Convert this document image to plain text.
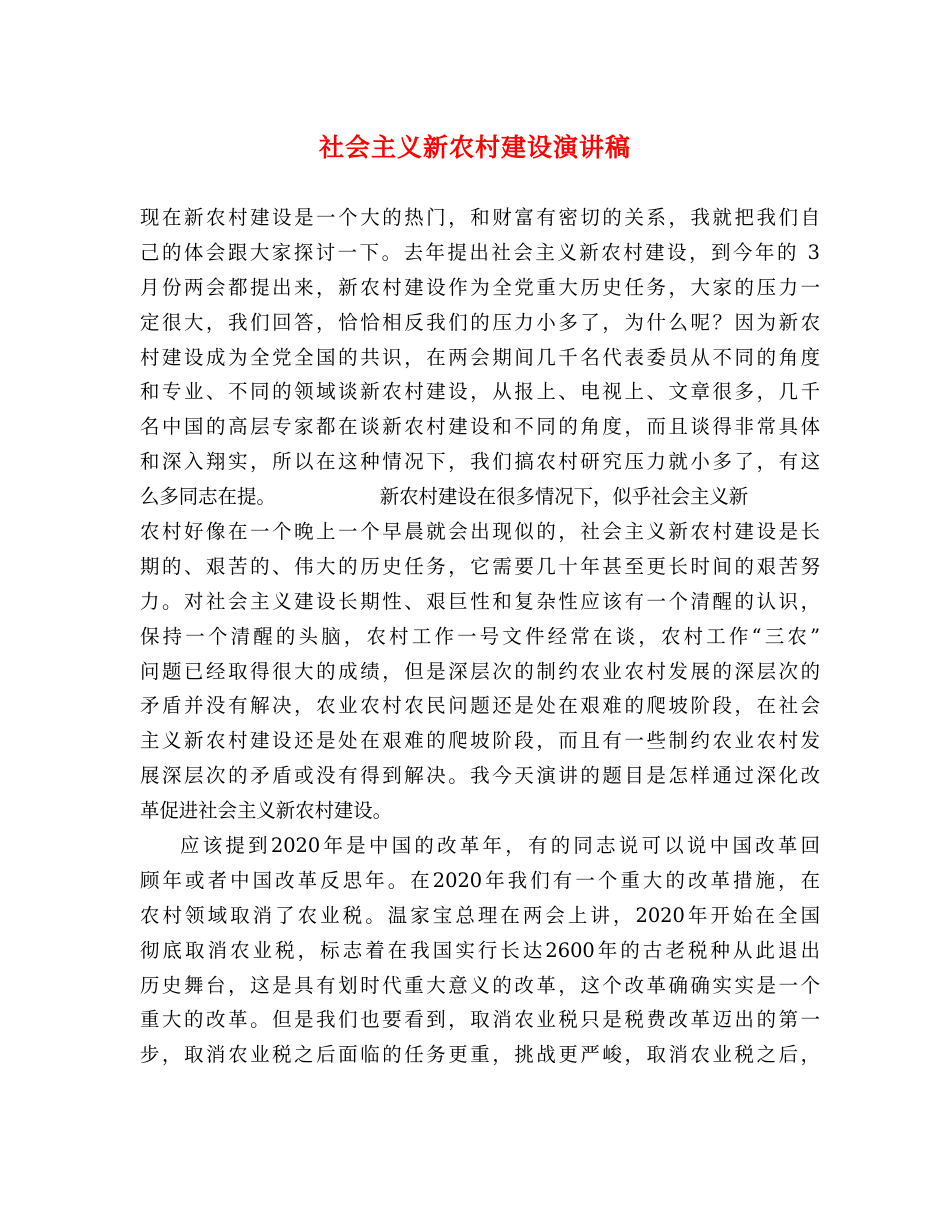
社会主义新农村建设演讲稿
现在新农村建设是一个大的热门，和财富有密切的关系，我就把我们自
己的体会跟大家探讨一下。去年提出社会主义新农村建设，到今年的 3
月份两会都提出来，新农村建设作为全党重大历史任务，大家的压力一
定很大，我们回答，恰恰相反我们的压力小多了，为什么呢？因为新农
村建设成为全党全国的共识，在两会期间几千名代表委员从不同的角度
和专业、不同的领域谈新农村建设，从报上、电视上、文章很多，几千
名中国的高层专家都在谈新农村建设和不同的角度，而且谈得非常具体
和深入翔实，所以在这种情况下，我们搞农村研究压力就小多了，有这
么多同志在提。	新农村建设在很多情况下，似乎社会主义新
农村好像在一个晚上一个早晨就会出现似的，社会主义新农村建设是长
期的、艰苦的、伟大的历史任务，它需要几十年甚至更长时间的艰苦努
力。对社会主义建设长期性、艰巨性和复杂性应该有一个清醒的认识，
保持一个清醒的头脑，农村工作一号文件经常在谈，农村工作“三农”
问题已经取得很大的成绩，但是深层次的制约农业农村发展的深层次的
矛盾并没有解决，农业农村农民问题还是处在艰难的爬坡阶段，在社会
主义新农村建设还是处在艰难的爬坡阶段，而且有一些制约农业农村发
展深层次的矛盾或没有得到解决。我今天演讲的题目是怎样通过深化改
革促进社会主义新农村建设。
应该提到2020年是中国的改革年，有的同志说可以说中国改革回
顾年或者中国改革反思年。在2020年我们有一个重大的改革措施，在
农村领域取消了农业税。温家宝总理在两会上讲，2020年开始在全国
彻底取消农业税，标志着在我国实行长达2600年的古老税种从此退出
历史舞台，这是具有划时代重大意义的改革，这个改革确确实实是一个
重大的改革。但是我们也要看到，取消农业税只是税费改革迈出的第一
步，取消农业税之后面临的任务更重，挑战更严峻，取消农业税之后，
